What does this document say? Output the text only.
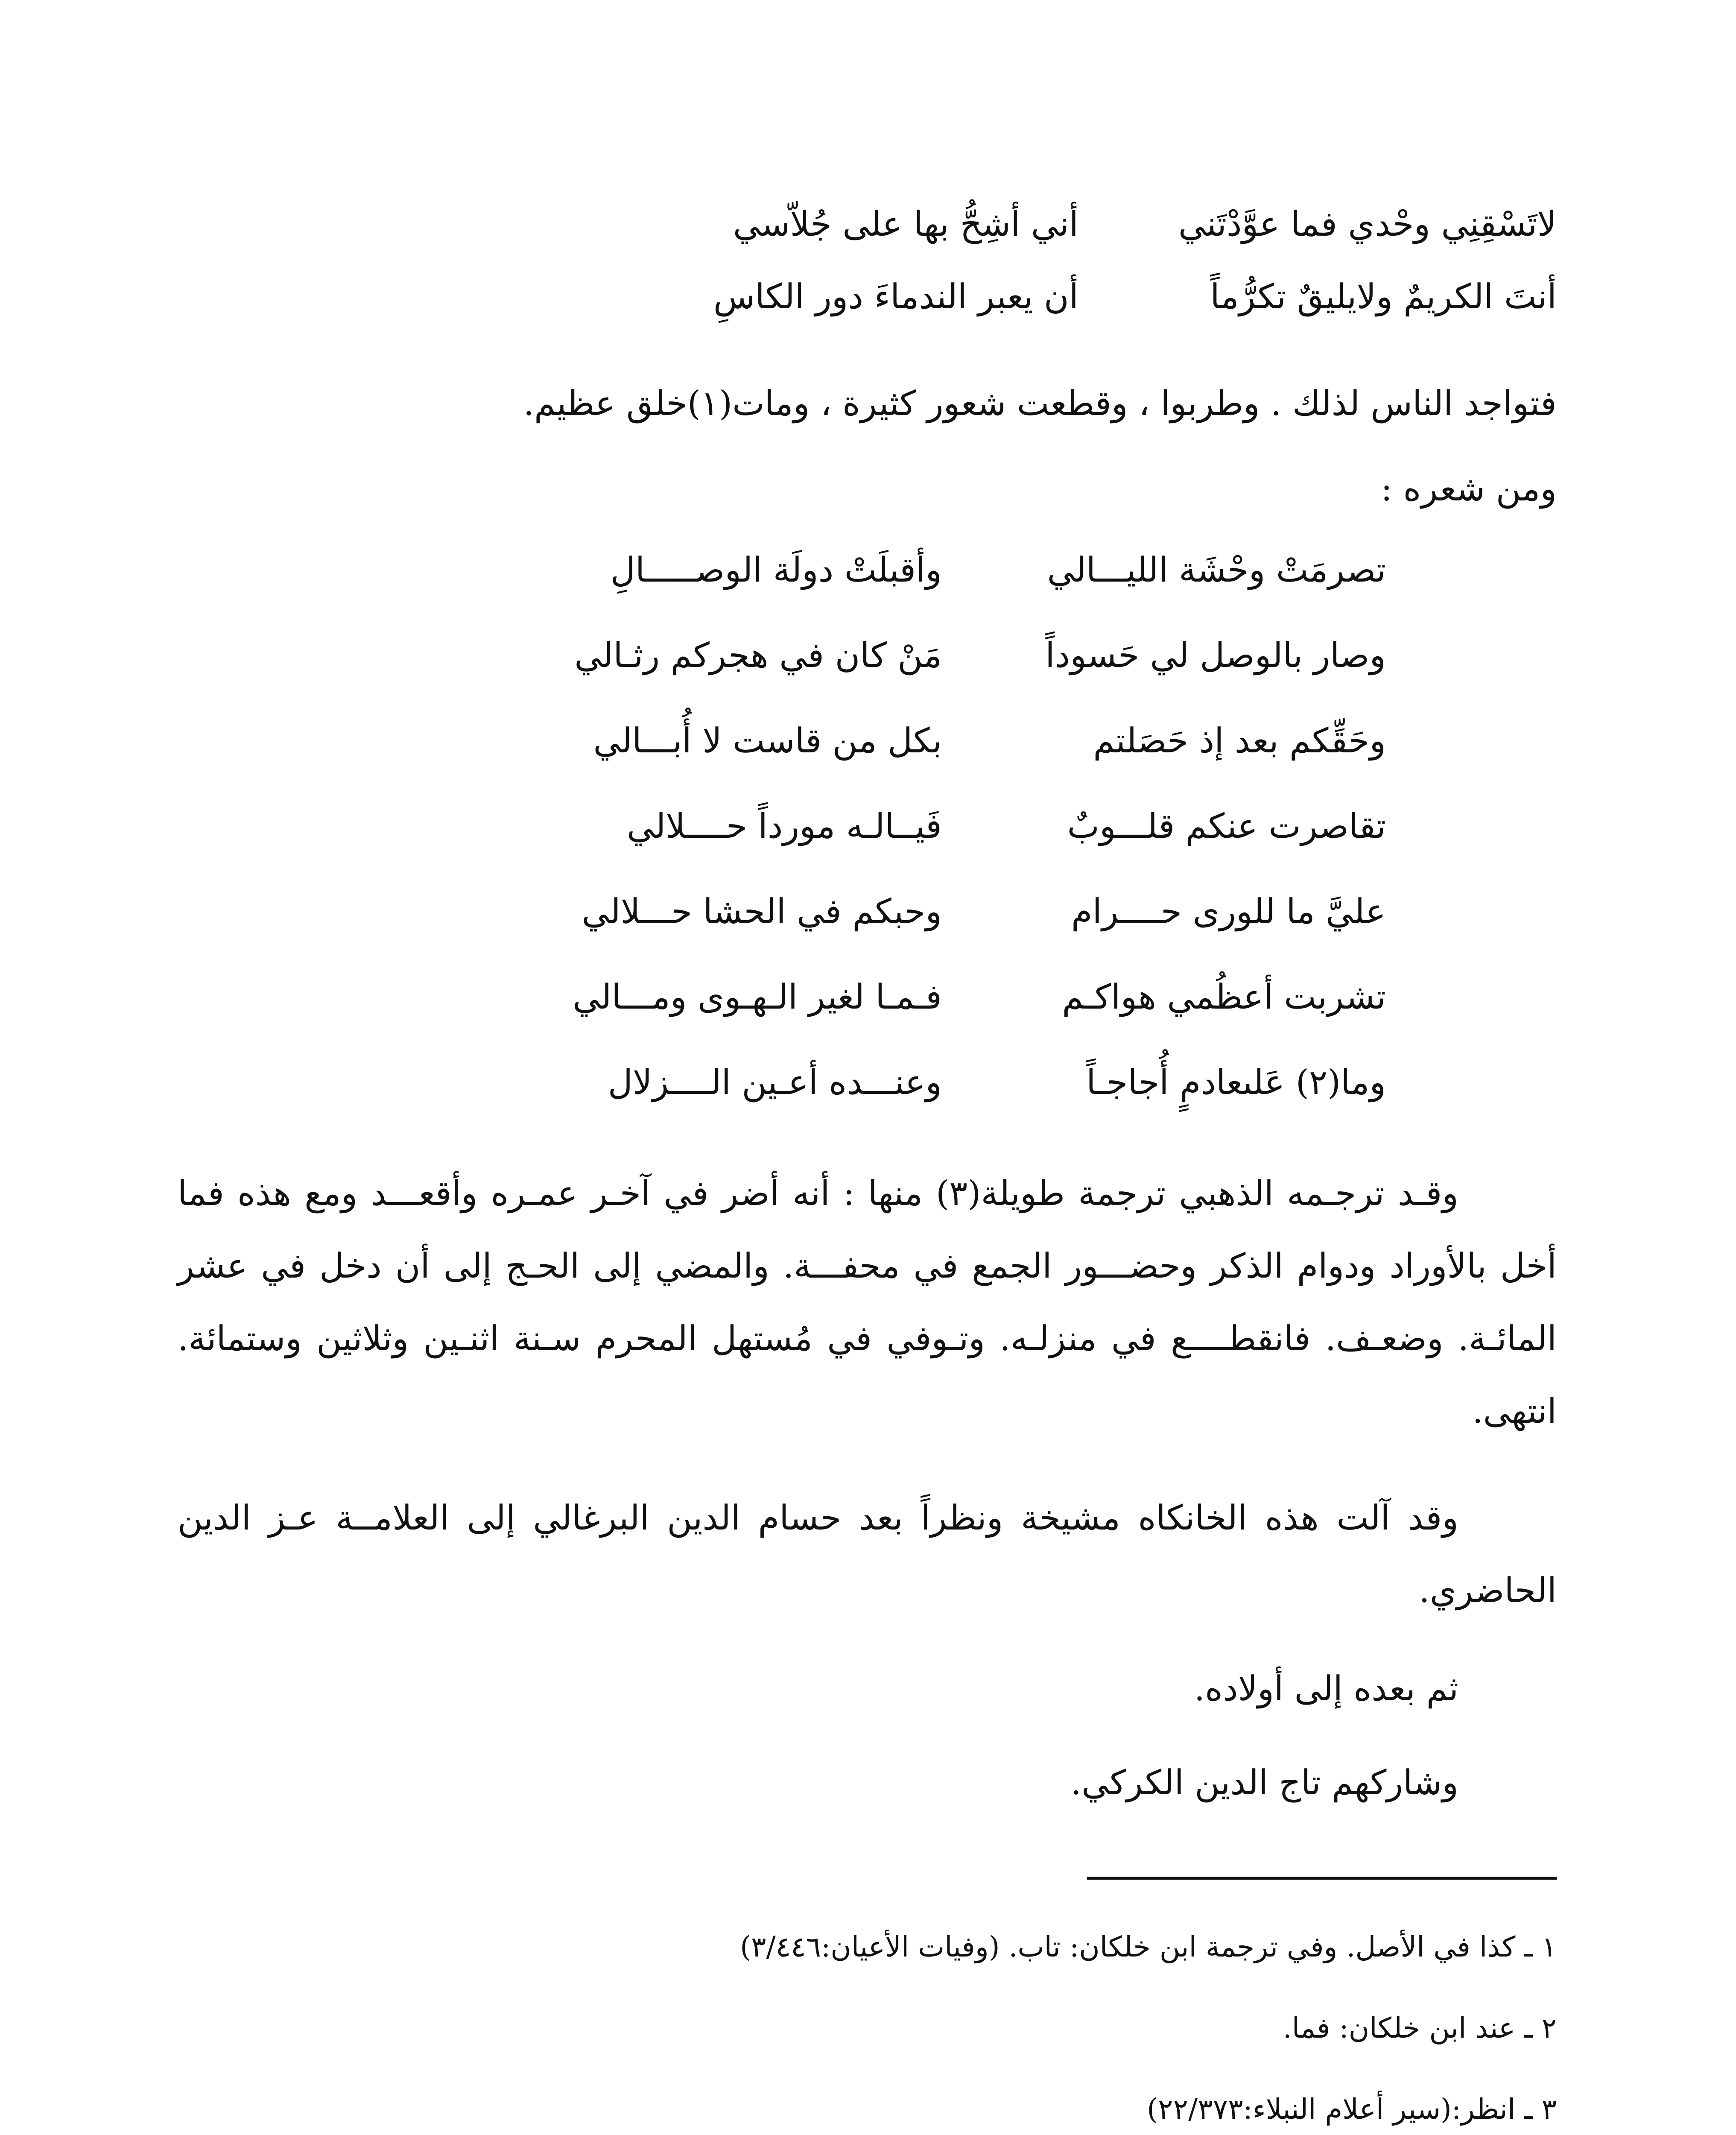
لاتَسْقِنِي وحْدي فما عوَّدْتَني
أني أشِحُّ بها على جُلاّسي
أنتَ الكريمٌ ولايليقٌ تكرُّماً
أن يعبر الندماءَ دور الكاسِ
فتواجد الناس لذلك . وطربوا ، وقطعت شعور كثيرة ، ومات(١)خلق عظيم.
ومن شعره :
تصرمَتْ وحْشَة الليـــالي
وأقبلَتْ دولَة الوصـــــالِ
وصار بالوصل لي حَسوداً
مَنْ كان في هجركم رثـالي
وحَقِّكم بعد إذ حَصَلتم
بكل من قاست لا أُبـــالي
تقاصرت عنكم قلـــوبٌ
فَيــالـه مورداً حــــلالي
عليَّ ما للورى حــــرام
وحبكم في الحشا حـــلالي
تشربت أعظُمي هواكـم
فـمـا لغير الـهـوى ومـــالي
وما(٢) عَلىعادمٍ أُجاجـاً
وعنـــده أعـين الــــزلال
وقـد ترجـمه الذهبي ترجمة طويلة(٣) منها : أنه أضر في آخـر عمـره وأقعـــد ومع هذه فما أخل بالأوراد ودوام الذكر وحضـــور الجمع في محفـــة. والمضي إلى الحـج إلى أن دخل في عشر المائـة. وضعـف. فانقطــــع في منزلـه. وتـوفي في مُستهل المحرم سـنة اثنـين وثلاثين وستمائة. انتهى.
وقد آلت هذه الخانكاه مشيخة ونظراً بعد حسام الدين البرغالي إلى العلامــة عـز الدين الحاضري.
ثم بعده إلى أولاده.
وشاركهم تاج الدين الكركي.
١ ـ كذا في الأصل. وفي ترجمة ابن خلكان: تاب. (وفيات الأعيان:٣/٤٤٦)
٢ ـ عند ابن خلكان: فما.
٣ ـ انظر:(سير أعلام النبلاء:٢٢/٣٧٣)
